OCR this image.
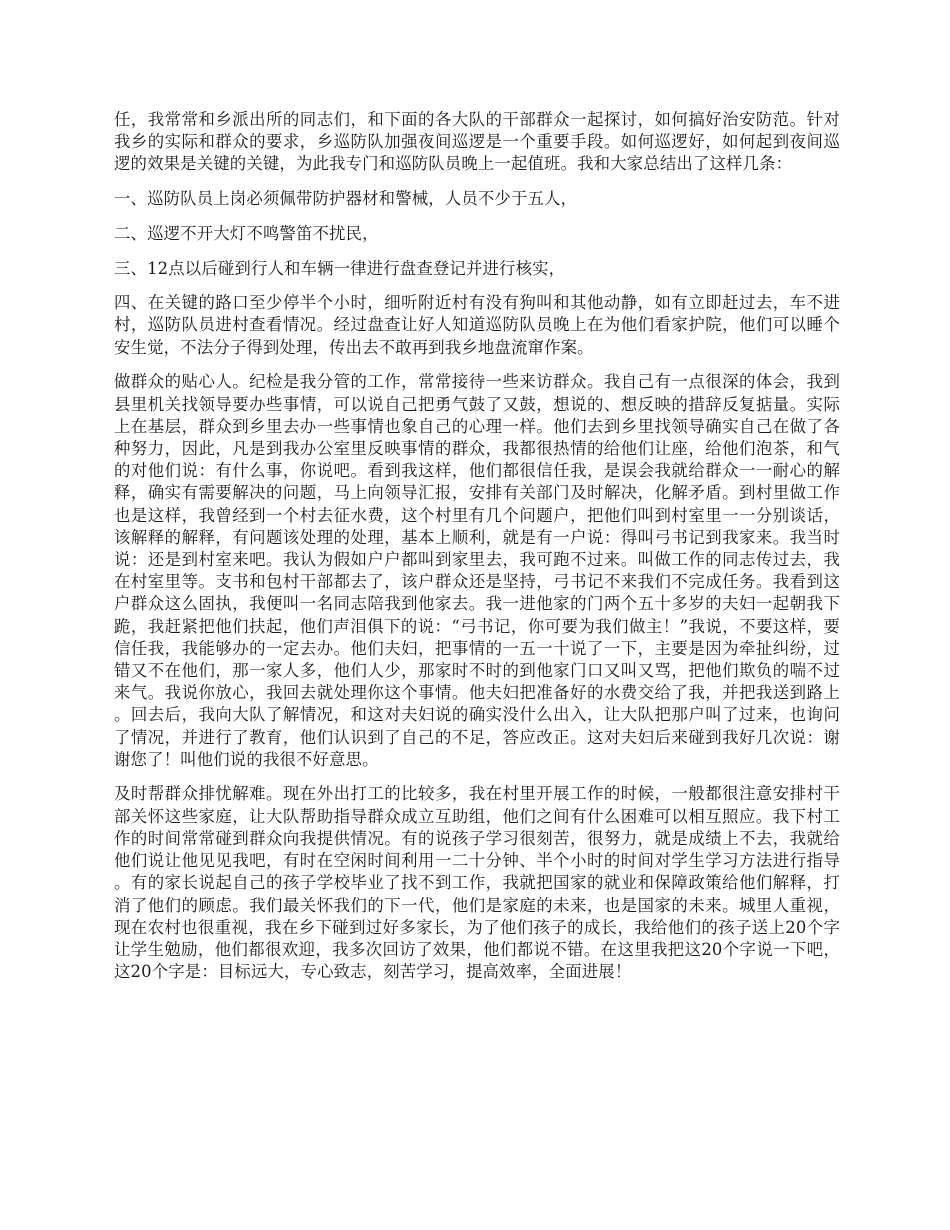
任，我常常和乡派出所的同志们，和下面的各大队的干部群众一起探讨，如何搞好治安防范。针对我乡的实际和群众的要求，乡巡防队加强夜间巡逻是一个重要手段。如何巡逻好，如何起到夜间巡逻的效果是关键的关键，为此我专门和巡防队员晚上一起值班。我和大家总结出了这样几条：

一、巡防队员上岗必须佩带防护器材和警械，人员不少于五人，

二、巡逻不开大灯不鸣警笛不扰民，

三、12点以后碰到行人和车辆一律进行盘查登记并进行核实，

四、在关键的路口至少停半个小时，细听附近村有没有狗叫和其他动静，如有立即赶过去，车不进村，巡防队员进村查看情况。经过盘查让好人知道巡防队员晚上在为他们看家护院，他们可以睡个安生觉，不法分子得到处理，传出去不敢再到我乡地盘流窜作案。

做群众的贴心人。纪检是我分管的工作，常常接待一些来访群众。我自己有一点很深的体会，我到县里机关找领导要办些事情，可以说自己把勇气鼓了又鼓，想说的、想反映的措辞反复掂量。实际上在基层，群众到乡里去办一些事情也象自己的心理一样。他们去到乡里找领导确实自己在做了各种努力，因此，凡是到我办公室里反映事情的群众，我都很热情的给他们让座，给他们泡茶，和气的对他们说：有什么事，你说吧。看到我这样，他们都很信任我，是误会我就给群众一一耐心的解释，确实有需要解决的问题，马上向领导汇报，安排有关部门及时解决，化解矛盾。到村里做工作也是这样，我曾经到一个村去征水费，这个村里有几个问题户，把他们叫到村室里一一分别谈话，该解释的解释，有问题该处理的处理，基本上顺利，就是有一户说：得叫弓书记到我家来。我当时说：还是到村室来吧。我认为假如户户都叫到家里去，我可跑不过来。叫做工作的同志传过去，我在村室里等。支书和包村干部都去了，该户群众还是坚持，弓书记不来我们不完成任务。我看到这户群众这么固执，我便叫一名同志陪我到他家去。我一进他家的门两个五十多岁的夫妇一起朝我下跪，我赶紧把他们扶起，他们声泪俱下的说：“弓书记，你可要为我们做主！”我说，不要这样，要信任我，我能够办的一定去办。他们夫妇，把事情的一五一十说了一下，主要是因为牵扯纠纷，过错又不在他们，那一家人多，他们人少，那家时不时的到他家门口又叫又骂，把他们欺负的喘不过来气。我说你放心，我回去就处理你这个事情。他夫妇把准备好的水费交给了我，并把我送到路上。回去后，我向大队了解情况，和这对夫妇说的确实没什么出入，让大队把那户叫了过来，也询问了情况，并进行了教育，他们认识到了自己的不足，答应改正。这对夫妇后来碰到我好几次说：谢谢您了！叫他们说的我很不好意思。

及时帮群众排忧解难。现在外出打工的比较多，我在村里开展工作的时候，一般都很注意安排村干部关怀这些家庭，让大队帮助指导群众成立互助组，他们之间有什么困难可以相互照应。我下村工作的时间常常碰到群众向我提供情况。有的说孩子学习很刻苦，很努力，就是成绩上不去，我就给他们说让他见见我吧，有时在空闲时间利用一二十分钟、半个小时的时间对学生学习方法进行指导。有的家长说起自己的孩子学校毕业了找不到工作，我就把国家的就业和保障政策给他们解释，打消了他们的顾虑。我们最关怀我们的下一代，他们是家庭的未来，也是国家的未来。城里人重视，现在农村也很重视，我在乡下碰到过好多家长，为了他们孩子的成长，我给他们的孩子送上20个字让学生勉励，他们都很欢迎，我多次回访了效果，他们都说不错。在这里我把这20个字说一下吧，这20个字是：目标远大，专心致志，刻苦学习，提高效率，全面进展！
